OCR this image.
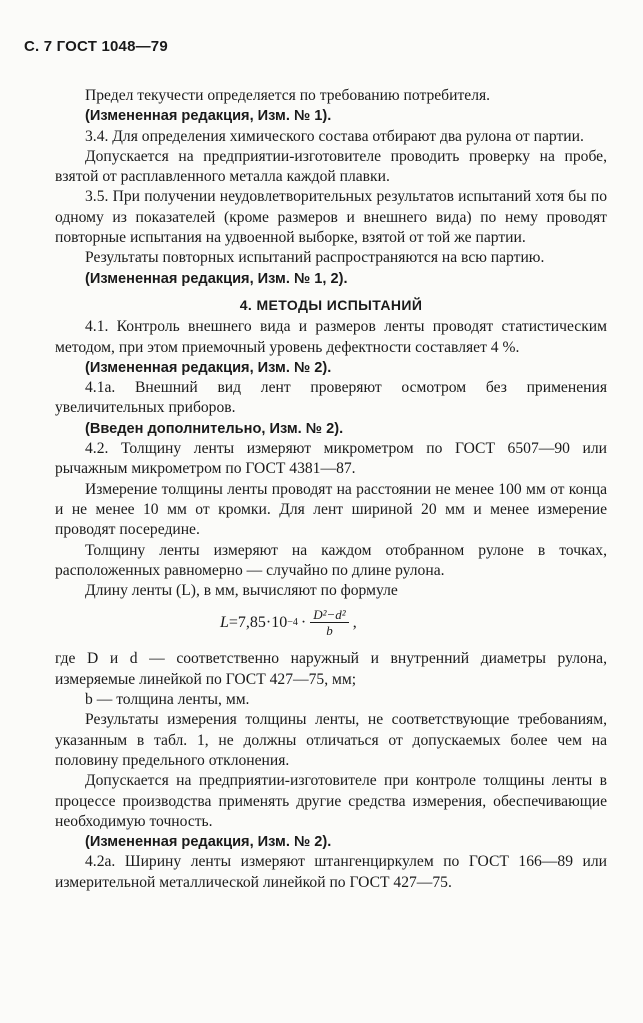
С. 7 ГОСТ 1048—79

Предел текучести определяется по требованию потребителя.

(Измененная редакция, Изм. № 1).

3.4. Для определения химического состава отбирают два рулона от партии.

Допускается на предприятии-изготовителе проводить проверку на пробе, взятой от расплавленного металла каждой плавки.

3.5. При получении неудовлетворительных результатов испытаний хотя бы по одному из показателей (кроме размеров и внешнего вида) по нему проводят повторные испытания на удвоенной выборке, взятой от той же партии.

Результаты повторных испытаний распространяются на всю партию.

(Измененная редакция, Изм. № 1, 2).

4. МЕТОДЫ ИСПЫТАНИЙ

4.1. Контроль внешнего вида и размеров ленты проводят статистическим методом, при этом приемочный уровень дефектности составляет 4 %.

(Измененная редакция, Изм. № 2).

4.1а. Внешний вид лент проверяют осмотром без применения увеличительных приборов.

(Введен дополнительно, Изм. № 2).

4.2. Толщину ленты измеряют микрометром по ГОСТ 6507—90 или рычажным микрометром по ГОСТ 4381—87.

Измерение толщины ленты проводят на расстоянии не менее 100 мм от конца и не менее 10 мм от кромки. Для лент шириной 20 мм и менее измерение проводят посередине.

Толщину ленты измеряют на каждом отобранном рулоне в точках, расположенных равномерно — случайно по длине рулона.

Длину ленты (L), в мм, вычисляют по формуле

$L =7,85\cdot 10 -4 \cdot \frac{\text{D²−d²}}{b}$ ,

где D и d — соответственно наружный и внутренний диаметры рулона, измеряемые линейкой по ГОСТ 427—75, мм;

b — толщина ленты, мм.

Результаты измерения толщины ленты, не соответствующие требованиям, указанным в табл. 1, не должны отличаться от допускаемых более чем на половину предельного отклонения.

Допускается на предприятии-изготовителе при контроле толщины ленты в процессе производства применять другие средства измерения, обеспечивающие необходимую точность.

(Измененная редакция, Изм. № 2).

4.2а. Ширину ленты измеряют штангенциркулем по ГОСТ 166—89 или измерительной металлической линейкой по ГОСТ 427—75.
